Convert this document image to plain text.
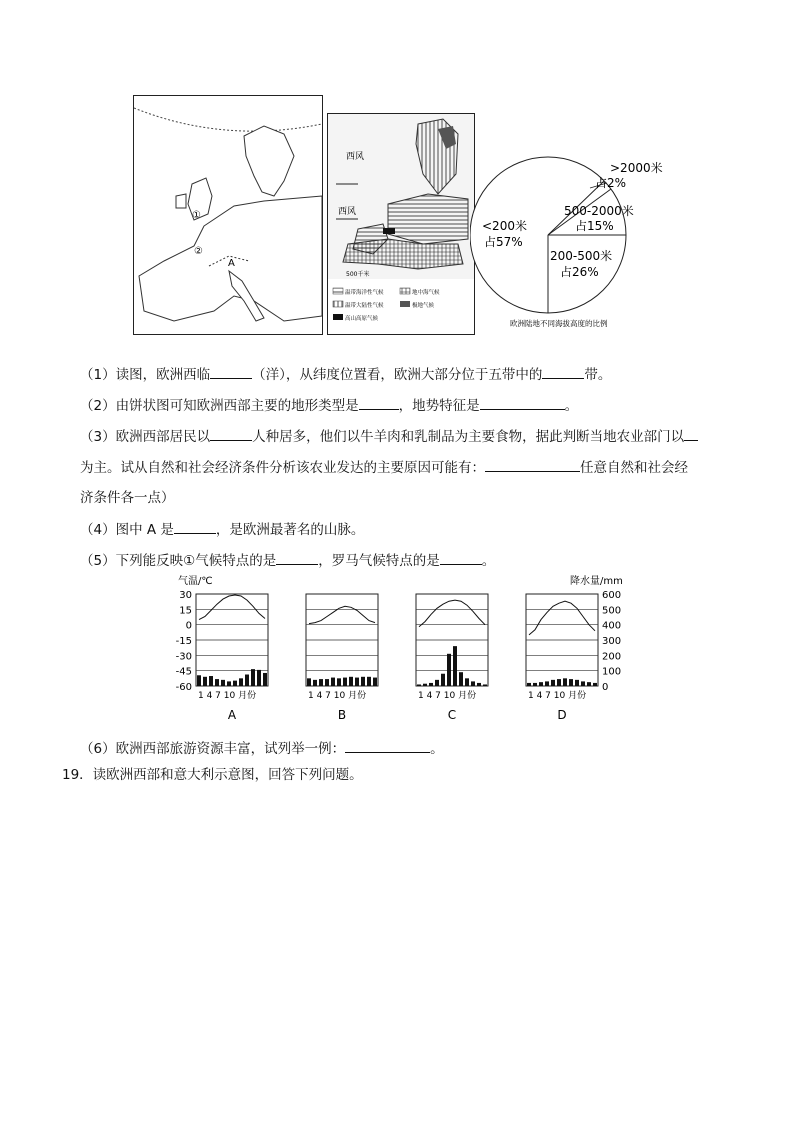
①
②
A
西风
西风
500千米
温带海洋性气候	地中海气候
温带大陆性气候	极地气候
高山高原气候
<200米
占57%
200-500米
占26%
500-2000米
占15%
>2000米
占2%
欧洲陆地不同海拔高度的比例
（1）读图，欧洲西临	（洋），从纬度位置看，欧洲大部分位于五带中的	带。
（2）由饼状图可知欧洲西部主要的地形类型是	，地势特征是	。
（3）欧洲西部居民以	人种居多，他们以牛羊肉和乳制品为主要食物，据此判断当地农业部门以
为主。试从自然和社会经济条件分析该农业发达的主要原因可能有：	任意自然和社会经
济条件各一点）
（4）图中 A 是	，是欧洲最著名的山脉。
（5）下列能反映①气候特点的是	，罗马气候特点的是	。
气温/℃	降水量/mm
30
15
0
-15
-30
-45
-60
600
500
400
300
200
100
0
1 4 7 10 月份
A
1 4 7 10 月份
B
1 4 7 10 月份
C
1 4 7 10 月份
D
（6）欧洲西部旅游资源丰富，试列举一例：	。
19．读欧洲西部和意大利示意图，回答下列问题。
